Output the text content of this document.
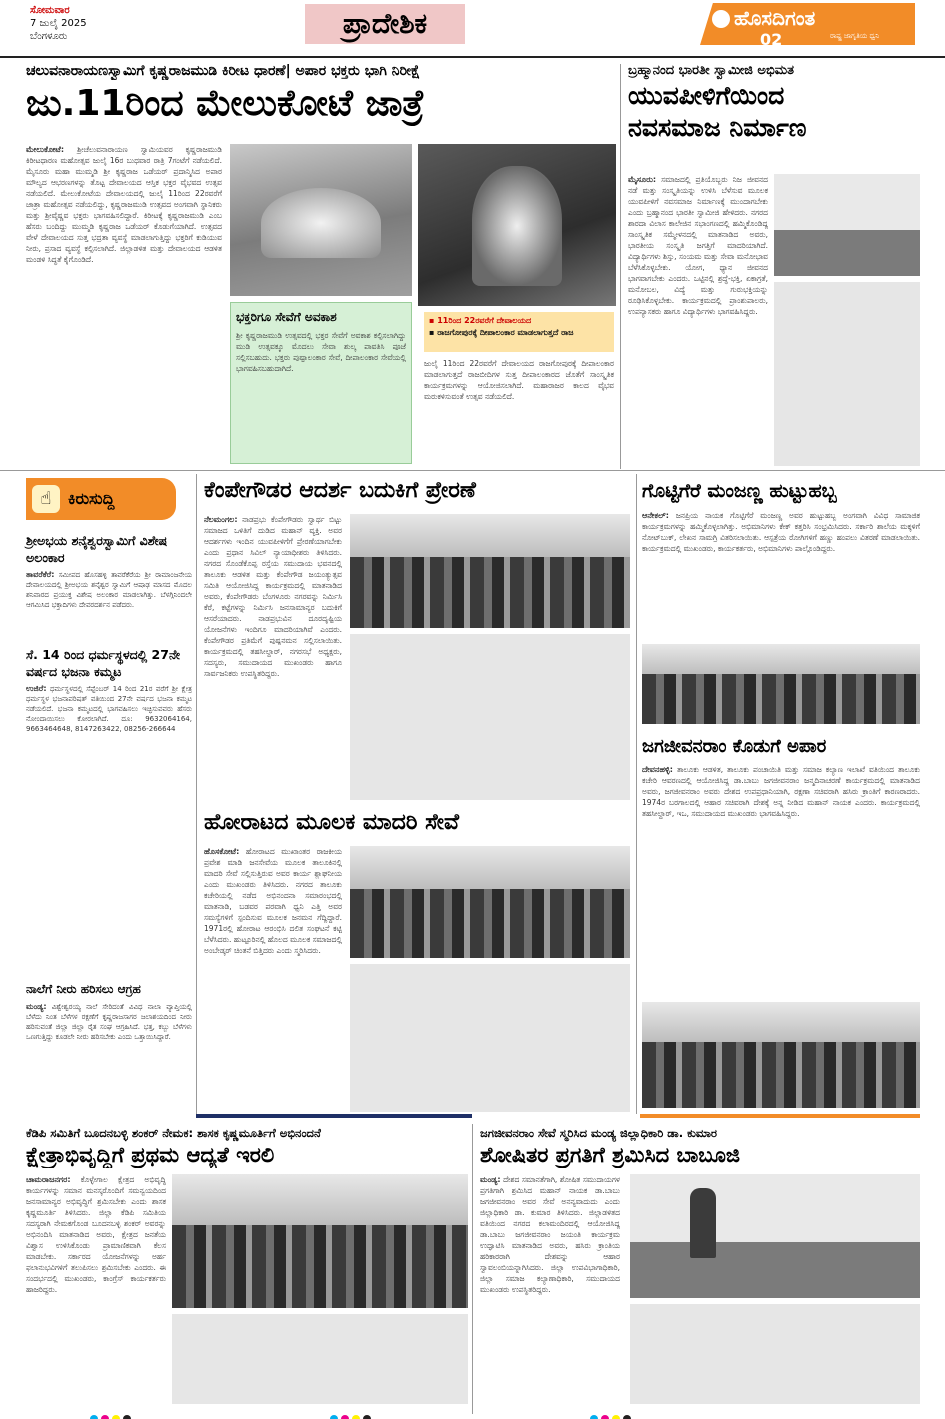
ಸೋಮವಾರ
7 ಜುಲೈ 2025
ಬೆಂಗಳೂರು	ಪ್ರಾದೇಶಿಕ	ಹೊಸದಿಗಂತ
02	ರಾಷ್ಟ್ರ ಜಾಗೃತಿಯ ಧ್ವನಿ
ಚಲುವನಾರಾಯಣಸ್ವಾಮಿಗೆ ಕೃಷ್ಣರಾಜಮುಡಿ ಕಿರೀಟ ಧಾರಣೆ| ಅಪಾರ ಭಕ್ತರು ಭಾಗಿ ನಿರೀಕ್ಷೆ
ಜು.11ರಿಂದ ಮೇಲುಕೋಟೆ ಜಾತ್ರೆ
ಮೇಲುಕೋಟೆ: ಶ್ರೀಚೆಲುವನಾರಾಯಣ ಸ್ವಾಮಿಯವರ ಕೃಷ್ಣರಾಜಮುಡಿ ಕಿರೀಟಧಾರಣ ಮಹೋತ್ಸವ ಜುಲೈ 16ರ ಬುಧವಾರ ರಾತ್ರಿ 7ಗಂಟೆಗೆ ನಡೆಯಲಿದೆ. ಮೈಸೂರು ಮಹಾ ಮುಮ್ಮಡಿ ಶ್ರೀ ಕೃಷ್ಣರಾಜ ಒಡೆಯರ್ ಪ್ರದಾನ್ಮಿಸಿದ ಅಪಾರ ಮೌಲ್ಯದ ಆಭರಣಗಳನ್ನು ತೊಟ್ಟ ದೇವಾಲಯದ ಆಸ್ತಿಕ ಭಕ್ತರ ವೈಭವದ ಉತ್ಸವ ನಡೆಯಲಿದೆ. ಮೇಲುಕೋಟೆಯ ದೇವಾಲಯದಲ್ಲಿ ಜುಲೈ 11ರಿಂದ 22ರವರೆಗೆ ಜಾತ್ರಾ ಮಹೋತ್ಸವ ನಡೆಯಲಿದ್ದು, ಕೃಷ್ಣರಾಜಮುಡಿ ಉತ್ಸವದ ಅಂಗವಾಗಿ ಸ್ಥಾನಿಕರು ಮತ್ತು ಶ್ರೀವೈಷ್ಣವ ಭಕ್ತರು ಭಾಗವಹಿಸಲಿದ್ದಾರೆ. ಕಿರೀಟಕ್ಕೆ ಕೃಷ್ಣರಾಜಮುಡಿ ಎಂಬ ಹೆಸರು ಬಂದಿದ್ದು ಮುಮ್ಮಡಿ ಕೃಷ್ಣರಾಜ ಒಡೆಯರ್ ಕೊಡುಗೆಯಾಗಿದೆ. ಉತ್ಸವದ ವೇಳೆ ದೇವಾಲಯದ ಸುತ್ತ ಭದ್ರತಾ ವ್ಯವಸ್ಥೆ ಮಾಡಲಾಗುತ್ತಿದ್ದು ಭಕ್ತರಿಗೆ ಕುಡಿಯುವ ನೀರು, ಪ್ರಸಾದ ವ್ಯವಸ್ಥೆ ಕಲ್ಪಿಸಲಾಗಿದೆ. ಜಿಲ್ಲಾಡಳಿತ ಮತ್ತು ದೇವಾಲಯದ ಆಡಳಿತ ಮಂಡಳಿ ಸಿದ್ಧತೆ ಕೈಗೊಂಡಿದೆ.
ಭಕ್ತರಿಗೂ ಸೇವೆಗೆ ಅವಕಾಶ
ಶ್ರೀ ಕೃಷ್ಣರಾಜಮುಡಿ ಉತ್ಸವದಲ್ಲಿ ಭಕ್ತರ ಸೇವೆಗೆ ಅವಕಾಶ ಕಲ್ಪಿಸಲಾಗಿದ್ದು ಮುಡಿ ಉತ್ಸವಕ್ಕೂ ಮೊದಲು ಸೇವಾ ಶುಲ್ಕ ಪಾವತಿಸಿ ಪೂಜೆ ಸಲ್ಲಿಸಬಹುದು. ಭಕ್ತರು ಪುಷ್ಪಾಲಂಕಾರ ಸೇವೆ, ದೀಪಾಲಂಕಾರ ಸೇವೆಯಲ್ಲಿ ಭಾಗವಹಿಸಬಹುದಾಗಿದೆ.
▪ 11ರಿಂದ 22ರವರೆಗೆ ದೇವಾಲಯದ
▪ ರಾಜಗೋಪುರಕ್ಕೆ ದೀಪಾಲಂಕಾರ ಮಾಡಲಾಗುತ್ತದೆ ರಾಜ
ಜುಲೈ 11ರಿಂದ 22ರವರೆಗೆ ದೇವಾಲಯದ ರಾಜಗೋಪುರಕ್ಕೆ ದೀಪಾಲಂಕಾರ ಮಾಡಲಾಗುತ್ತದೆ ರಾಜಬೀದಿಗಳ ಸುತ್ತ ದೀಪಾಲಂಕಾರದ ಜೊತೆಗೆ ಸಾಂಸ್ಕೃತಿಕ ಕಾರ್ಯಕ್ರಮಗಳನ್ನು ಆಯೋಜಿಸಲಾಗಿದೆ. ಮಹಾರಾಜರ ಕಾಲದ ವೈಭವ ಮರುಕಳಿಸುವಂತೆ ಉತ್ಸವ ನಡೆಯಲಿದೆ.
ಬ್ರಹ್ಮಾನಂದ ಭಾರತೀ ಸ್ವಾಮೀಜಿ ಅಭಿಮತ
ಯುವಪೀಳಿಗೆಯಿಂದ
ನವಸಮಾಜ ನಿರ್ಮಾಣ
ಮೈಸೂರು: ಸಮಾಜದಲ್ಲಿ ಪ್ರತಿಯೊಬ್ಬರು ನಿಜ ಜೀವನದ ನಡೆ ಮತ್ತು ಸಂಸ್ಕೃತಿಯನ್ನು ಉಳಿಸಿ ಬೆಳೆಸುವ ಮೂಲಕ ಯುವಪೀಳಿಗೆ ನವಸಮಾಜ ನಿರ್ಮಾಣಕ್ಕೆ ಮುಂದಾಗಬೇಕು ಎಂದು ಬ್ರಹ್ಮಾನಂದ ಭಾರತೀ ಸ್ವಾಮೀಜಿ ಹೇಳಿದರು. ನಗರದ ಶಾರದಾ ವಿಲಾಸ ಕಾಲೇಜಿನ ಸಭಾಂಗಣದಲ್ಲಿ ಹಮ್ಮಿಕೊಂಡಿದ್ದ ಸಾಂಸ್ಕೃತಿಕ ಸಮ್ಮೇಳನದಲ್ಲಿ ಮಾತನಾಡಿದ ಅವರು, ಭಾರತೀಯ ಸಂಸ್ಕೃತಿ ಜಗತ್ತಿಗೆ ಮಾದರಿಯಾಗಿದೆ. ವಿದ್ಯಾರ್ಥಿಗಳು ಶಿಸ್ತು, ಸಂಯಮ ಮತ್ತು ಸೇವಾ ಮನೋಭಾವ ಬೆಳೆಸಿಕೊಳ್ಳಬೇಕು. ಯೋಗ, ಧ್ಯಾನ ಜೀವನದ ಭಾಗವಾಗಬೇಕು ಎಂದರು. ಒಟ್ಟಿನಲ್ಲಿ ಶ್ರದ್ಧೆ-ಭಕ್ತಿ, ಏಕಾಗ್ರತೆ, ಮನೋಬಲ, ವಿದ್ಯೆ ಮತ್ತು ಗುರುಭಕ್ತಿಯನ್ನು ರೂಢಿಸಿಕೊಳ್ಳಬೇಕು. ಕಾರ್ಯಕ್ರಮದಲ್ಲಿ ಪ್ರಾಂಶುಪಾಲರು, ಉಪನ್ಯಾಸಕರು ಹಾಗೂ ವಿದ್ಯಾರ್ಥಿಗಳು ಭಾಗವಹಿಸಿದ್ದರು.
☝	ಕಿರುಸುದ್ದಿ
ಶ್ರೀಅಭಯ ಶನೈಶ್ವರಸ್ವಾಮಿಗೆ ವಿಶೇಷ ಅಲಂಕಾರ
ತಾವರೆಕೆರೆ: ಸಮೀಪದ ಹೊಸಹಳ್ಳಿ ತಾವರೆಕೆರೆಯ ಶ್ರೀ ರಾಮಾಂಜನೇಯ ದೇವಾಲಯದಲ್ಲಿ ಶ್ರೀಅಭಯ ಶನೈಶ್ವರ ಸ್ವಾಮಿಗೆ ಆಷಾಢ ಮಾಸದ ಮೊದಲ ಶನಿವಾರದ ಪ್ರಯುಕ್ತ ವಿಶೇಷ ಅಲಂಕಾರ ಮಾಡಲಾಗಿತ್ತು. ಬೆಳಗ್ಗಿನಿಂದಲೇ ಆಗಮಿಸಿದ ಭಕ್ತಾದಿಗಳು ದೇವರದರ್ಶನ ಪಡೆದರು.
ಸೆ. 14 ರಿಂದ ಧರ್ಮಸ್ಥಳದಲ್ಲಿ 27ನೇ ವರ್ಷದ ಭಜನಾ ಕಮ್ಮಟ
ಉಜಿರೆ: ಧರ್ಮಸ್ಥಳದಲ್ಲಿ ಸೆಪ್ಟೆಂಬರ್ 14 ರಿಂದ 21ರ ವರೆಗೆ ಶ್ರೀ ಕ್ಷೇತ್ರ ಧರ್ಮಸ್ಥಳ ಭಜನಾಪರಿಷತ್ ವತಿಯಿಂದ 27ನೇ ವರ್ಷದ ಭಜನಾ ಕಮ್ಮಟ ನಡೆಯಲಿದೆ. ಭಜನಾ ಕಮ್ಮಟದಲ್ಲಿ ಭಾಗವಹಿಸಲು ಇಚ್ಛಿಸುವವರು ಹೆಸರು ನೋಂದಾಯಿಸಲು ಕೋರಲಾಗಿದೆ. ದೂ: 9632064164, 9663464648, 8147263422, 08256-266644
ನಾಲೆಗೆ ನೀರು ಹರಿಸಲು ಆಗ್ರಹ
ಮಂಡ್ಯ: ವಿಶ್ವೇಶ್ವರಯ್ಯ ನಾಲೆ ಸೇರಿದಂತೆ ವಿವಿಧ ನಾಲಾ ವ್ಯಾಪ್ತಿಯಲ್ಲಿ ಬೆಳೆದು ನಿಂತ ಬೆಳೆಗಳ ರಕ್ಷಣೆಗೆ ಕೃಷ್ಣರಾಜಸಾಗರ ಜಲಾಶಯದಿಂದ ನೀರು ಹರಿಸುವಂತೆ ಜಿಲ್ಲಾ ಜಿಲ್ಲಾ ರೈತ ಸಂಘ ಆಗ್ರಹಿಸಿದೆ. ಭತ್ತ, ಕಬ್ಬು ಬೆಳೆಗಳು ಒಣಗುತ್ತಿದ್ದು ಕೂಡಲೇ ನೀರು ಹರಿಸಬೇಕು ಎಂದು ಒತ್ತಾಯಿಸಿದ್ದಾರೆ.
ಕೆಂಪೇಗೌಡರ ಆದರ್ಶ ಬದುಕಿಗೆ ಪ್ರೇರಣೆ
ನೆಲಮಂಗಲ: ನಾಡಪ್ರಭು ಕೆಂಪೇಗೌಡರು ಸ್ವಾರ್ಥ ಬಿಟ್ಟು ಸಮಾಜದ ಒಳಿತಿಗೆ ದುಡಿದ ಮಹಾನ್ ವ್ಯಕ್ತಿ. ಅವರ ಆದರ್ಶಗಳು ಇಂದಿನ ಯುವಪೀಳಿಗೆಗೆ ಪ್ರೇರಣೆಯಾಗಬೇಕು ಎಂದು ಪ್ರಧಾನ ಸಿವಿಲ್ ನ್ಯಾಯಾಧೀಶರು ತಿಳಿಸಿದರು. ನಗರದ ಸೊಂಡೆಕೊಪ್ಪ ರಸ್ತೆಯ ಸಮುದಾಯ ಭವನದಲ್ಲಿ ತಾಲೂಕು ಆಡಳಿತ ಮತ್ತು ಕೆಂಪೇಗೌಡ ಜಯಂತ್ಯುತ್ಸವ ಸಮಿತಿ ಆಯೋಜಿಸಿದ್ದ ಕಾರ್ಯಕ್ರಮದಲ್ಲಿ ಮಾತನಾಡಿದ ಅವರು, ಕೆಂಪೇಗೌಡರು ಬೆಂಗಳೂರು ನಗರವನ್ನು ನಿರ್ಮಿಸಿ ಕೆರೆ, ಕಟ್ಟೆಗಳನ್ನು ನಿರ್ಮಿಸಿ ಜನಸಾಮಾನ್ಯರ ಬದುಕಿಗೆ ಆಸರೆಯಾದರು. ನಾಡಪ್ರಭುವಿನ ದೂರದೃಷ್ಟಿಯ ಯೋಜನೆಗಳು ಇಂದಿಗೂ ಮಾದರಿಯಾಗಿವೆ ಎಂದರು. ಕೆಂಪೇಗೌಡರ ಪ್ರತಿಮೆಗೆ ಪುಷ್ಪನಮನ ಸಲ್ಲಿಸಲಾಯಿತು. ಕಾರ್ಯಕ್ರಮದಲ್ಲಿ ತಹಸೀಲ್ದಾರ್, ನಗರಸಭೆ ಅಧ್ಯಕ್ಷರು, ಸದಸ್ಯರು, ಸಮುದಾಯದ ಮುಖಂಡರು ಹಾಗೂ ಸಾರ್ವಜನಿಕರು ಉಪಸ್ಥಿತರಿದ್ದರು.
ಗೊಟ್ಟಿಗೆರೆ ಮಂಜಣ್ಣ ಹುಟ್ಟುಹಬ್ಬ
ಆನೇಕಲ್: ಜನಪ್ರಿಯ ನಾಯಕ ಗೊಟ್ಟಿಗೆರೆ ಮಂಜಣ್ಣ ಅವರ ಹುಟ್ಟುಹಬ್ಬ ಅಂಗವಾಗಿ ವಿವಿಧ ಸಾಮಾಜಿಕ ಕಾರ್ಯಕ್ರಮಗಳನ್ನು ಹಮ್ಮಿಕೊಳ್ಳಲಾಗಿತ್ತು. ಅಭಿಮಾನಿಗಳು ಕೇಕ್ ಕತ್ತರಿಸಿ ಸಂಭ್ರಮಿಸಿದರು. ಸರ್ಕಾರಿ ಶಾಲೆಯ ಮಕ್ಕಳಿಗೆ ನೋಟ್‌ಬುಕ್, ಲೇಖನ ಸಾಮಗ್ರಿ ವಿತರಿಸಲಾಯಿತು. ಆಸ್ಪತ್ರೆಯ ರೋಗಿಗಳಿಗೆ ಹಣ್ಣು ಹಂಪಲು ವಿತರಣೆ ಮಾಡಲಾಯಿತು. ಕಾರ್ಯಕ್ರಮದಲ್ಲಿ ಮುಖಂಡರು, ಕಾರ್ಯಕರ್ತರು, ಅಭಿಮಾನಿಗಳು ಪಾಲ್ಗೊಂಡಿದ್ದರು.
ಹೋರಾಟದ ಮೂಲಕ ಮಾದರಿ ಸೇವೆ
ಹೊಸಕೋಟೆ: ಹೋರಾಟದ ಮುಖಾಂತರ ರಾಜಕೀಯ ಪ್ರವೇಶ ಮಾಡಿ ಜನಸೇವೆಯ ಮೂಲಕ ತಾಲೂಕಿನಲ್ಲಿ ಮಾದರಿ ಸೇವೆ ಸಲ್ಲಿಸುತ್ತಿರುವ ಅವರ ಕಾರ್ಯ ಶ್ಲಾಘನೀಯ ಎಂದು ಮುಖಂಡರು ತಿಳಿಸಿದರು. ನಗರದ ತಾಲೂಕು ಕಚೇರಿಯಲ್ಲಿ ನಡೆದ ಅಭಿನಂದನಾ ಸಮಾರಂಭದಲ್ಲಿ ಮಾತನಾಡಿ, ಬಡವರ ಪರವಾಗಿ ಧ್ವನಿ ಎತ್ತಿ ಅವರ ಸಮಸ್ಯೆಗಳಿಗೆ ಸ್ಪಂದಿಸುವ ಮೂಲಕ ಜನಮನ ಗೆದ್ದಿದ್ದಾರೆ. 1971ರಲ್ಲಿ ಹೋರಾಟ ಆರಂಭಿಸಿ ದಲಿತ ಸಂಘಟನೆ ಕಟ್ಟಿ ಬೆಳೆಸಿದರು. ಹುಟ್ಟೂರಿನಲ್ಲಿ ಹೊಲದ ಮೂಲಕ ಸಮಾಜದಲ್ಲಿ ಅಂಬೇಡ್ಕರ್ ಚಿಂತನೆ ಬಿತ್ತಿದರು ಎಂದು ಸ್ಮರಿಸಿದರು.
ಜಗಜೀವನರಾಂ ಕೊಡುಗೆ ಅಪಾರ
ದೇವನಹಳ್ಳಿ: ತಾಲೂಕು ಆಡಳಿತ, ತಾಲೂಕು ಪಂಚಾಯಿತಿ ಮತ್ತು ಸಮಾಜ ಕಲ್ಯಾಣ ಇಲಾಖೆ ವತಿಯಿಂದ ತಾಲೂಕು ಕಚೇರಿ ಆವರಣದಲ್ಲಿ ಆಯೋಜಿಸಿದ್ದ ಡಾ.ಬಾಬು ಜಗಜೀವನರಾಂ ಜನ್ಮದಿನಾಚರಣೆ ಕಾರ್ಯಕ್ರಮದಲ್ಲಿ ಮಾತನಾಡಿದ ಅವರು, ಜಗಜೀವನರಾಂ ಅವರು ದೇಶದ ಉಪಪ್ರಧಾನಿಯಾಗಿ, ರಕ್ಷಣಾ ಸಚಿವರಾಗಿ ಹಸಿರು ಕ್ರಾಂತಿಗೆ ಕಾರಣರಾದರು. 1974ರ ಬರಗಾಲದಲ್ಲಿ ಆಹಾರ ಸಚಿವರಾಗಿ ದೇಶಕ್ಕೆ ಅನ್ನ ನೀಡಿದ ಮಹಾನ್ ನಾಯಕ ಎಂದರು. ಕಾರ್ಯಕ್ರಮದಲ್ಲಿ ತಹಸೀಲ್ದಾರ್, ಇಒ, ಸಮುದಾಯದ ಮುಖಂಡರು ಭಾಗವಹಿಸಿದ್ದರು.
ಕೆಡಿಪಿ ಸಮಿತಿಗೆ ಬೂದನಬಳ್ಳಿ ಶಂಕರ್ ನೇಮಕ: ಶಾಸಕ ಕೃಷ್ಣಮೂರ್ತಿಗೆ ಅಭಿನಂದನೆ
ಕ್ಷೇತ್ರಾಭಿವೃದ್ಧಿಗೆ ಪ್ರಥಮ ಆದ್ಯತೆ ಇರಲಿ
ಚಾಮರಾಜನಗರ: ಕೊಳ್ಳೇಗಾಲ ಕ್ಷೇತ್ರದ ಅಭಿವೃದ್ಧಿ ಕಾರ್ಯಗಳನ್ನು ಸಮಾನ ಮನಸ್ಕರೊಂದಿಗೆ ಸಮನ್ವಯದಿಂದ ಜನಸಾಮಾನ್ಯರ ಅಭಿವೃದ್ಧಿಗೆ ಶ್ರಮಿಸಬೇಕು ಎಂದು ಶಾಸಕ ಕೃಷ್ಣಮೂರ್ತಿ ತಿಳಿಸಿದರು. ಜಿಲ್ಲಾ ಕೆಡಿಪಿ ಸಮಿತಿಯ ಸದಸ್ಯರಾಗಿ ನೇಮಕಗೊಂಡ ಬೂದನಬಳ್ಳಿ ಶಂಕರ್ ಅವರನ್ನು ಅಭಿನಂದಿಸಿ ಮಾತನಾಡಿದ ಅವರು, ಕ್ಷೇತ್ರದ ಜನತೆಯ ವಿಶ್ವಾಸ ಉಳಿಸಿಕೊಂಡು ಪ್ರಾಮಾಣಿಕವಾಗಿ ಕೆಲಸ ಮಾಡಬೇಕು. ಸರ್ಕಾರದ ಯೋಜನೆಗಳನ್ನು ಅರ್ಹ ಫಲಾನುಭವಿಗಳಿಗೆ ತಲುಪಿಸಲು ಶ್ರಮಿಸಬೇಕು ಎಂದರು. ಈ ಸಂದರ್ಭದಲ್ಲಿ ಮುಖಂಡರು, ಕಾಂಗ್ರೆಸ್ ಕಾರ್ಯಕರ್ತರು ಹಾಜರಿದ್ದರು.
ಜಗಜೀವನರಾಂ ಸೇವೆ ಸ್ಮರಿಸಿದ ಮಂಡ್ಯ ಜಿಲ್ಲಾಧಿಕಾರಿ ಡಾ. ಕುಮಾರ
ಶೋಷಿತರ ಪ್ರಗತಿಗೆ ಶ್ರಮಿಸಿದ ಬಾಬೂಜಿ
ಮಂಡ್ಯ: ದೇಶದ ಸಮಾನತೆಗಾಗಿ, ಶೋಷಿತ ಸಮುದಾಯಗಳ ಪ್ರಗತಿಗಾಗಿ ಶ್ರಮಿಸಿದ ಮಹಾನ್ ನಾಯಕ ಡಾ.ಬಾಬು ಜಗಜೀವನರಾಂ ಅವರ ಸೇವೆ ಅನನ್ಯವಾದುದು ಎಂದು ಜಿಲ್ಲಾಧಿಕಾರಿ ಡಾ. ಕುಮಾರ ತಿಳಿಸಿದರು. ಜಿಲ್ಲಾಡಳಿತದ ವತಿಯಿಂದ ನಗರದ ಕಲಾಮಂದಿರದಲ್ಲಿ ಆಯೋಜಿಸಿದ್ದ ಡಾ.ಬಾಬು ಜಗಜೀವನರಾಂ ಜಯಂತಿ ಕಾರ್ಯಕ್ರಮ ಉದ್ಘಾಟಿಸಿ ಮಾತನಾಡಿದ ಅವರು, ಹಸಿರು ಕ್ರಾಂತಿಯ ಹರಿಕಾರರಾಗಿ ದೇಶವನ್ನು ಆಹಾರ ಸ್ವಾವಲಂಬಿಯನ್ನಾಗಿಸಿದರು. ಜಿಲ್ಲಾ ಉಪವಿಭಾಗಾಧಿಕಾರಿ, ಜಿಲ್ಲಾ ಸಮಾಜ ಕಲ್ಯಾಣಾಧಿಕಾರಿ, ಸಮುದಾಯದ ಮುಖಂಡರು ಉಪಸ್ಥಿತರಿದ್ದರು.
